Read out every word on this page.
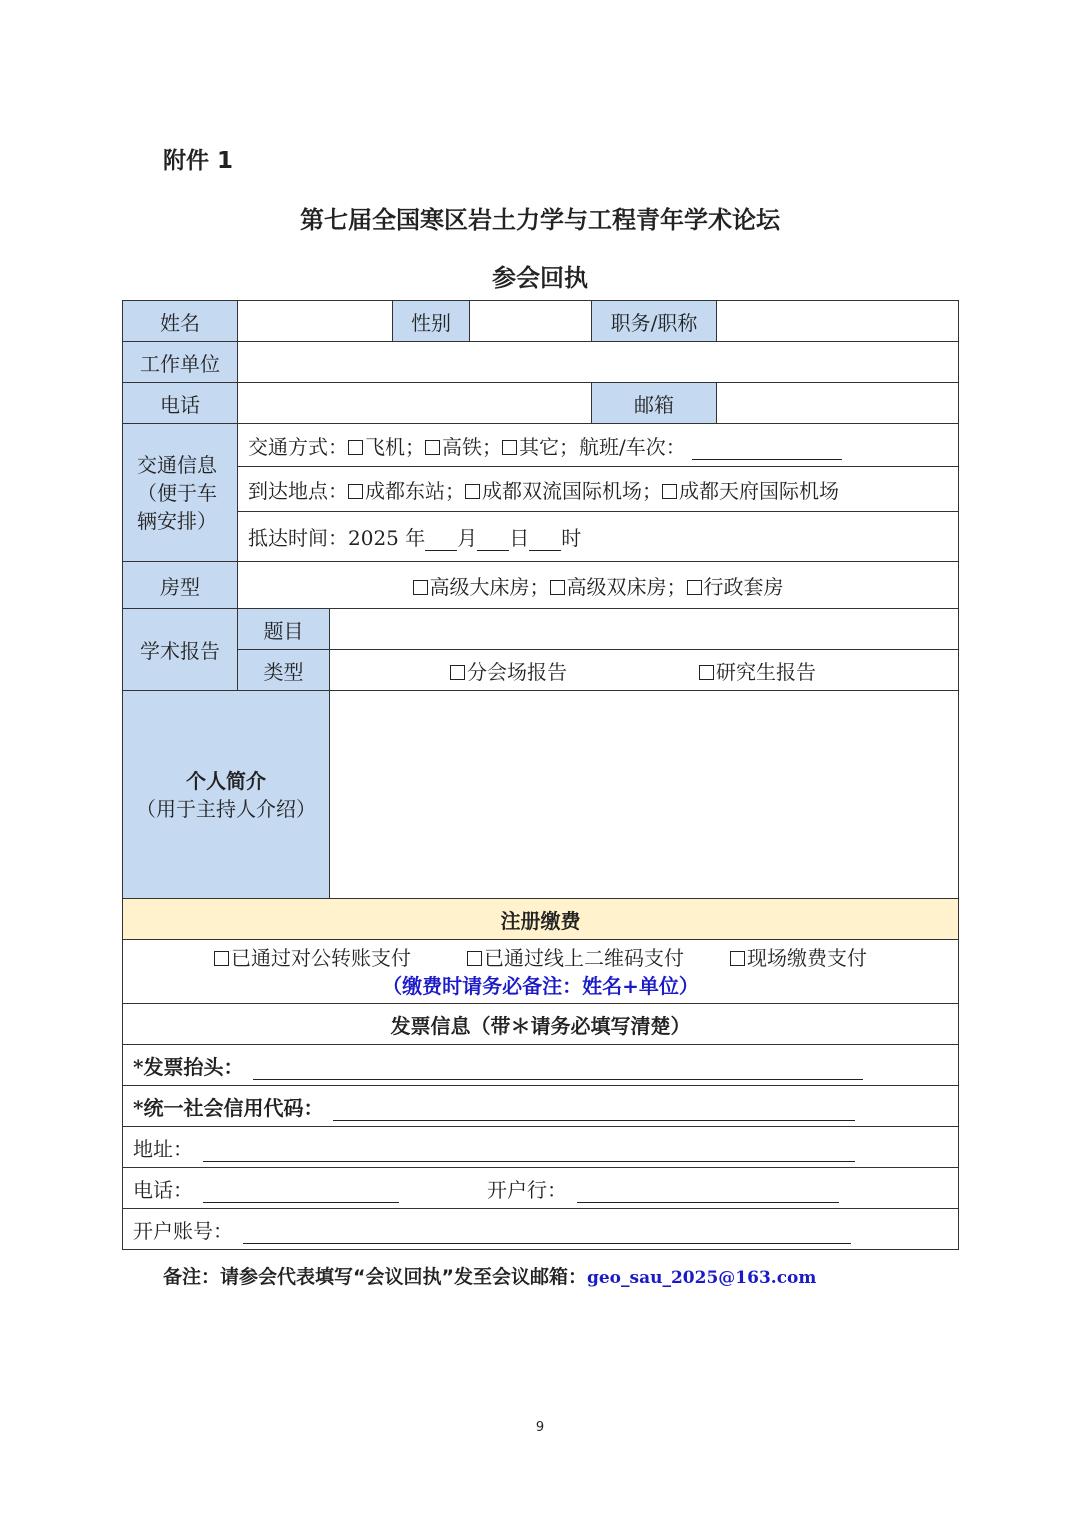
附件 1
第七届全国寒区岩土力学与工程青年学术论坛
参会回执
姓名			性别		职务/职称	
工作单位						
电话					邮箱	
交通信息（便于车辆安排）	交通方式： 飞机； 高铁； 其它；航班/车次：					
	到达地点： 成都东站； 成都双流国际机场； 成都天府国际机场					
	抵达时间：2025 年 月 日 时					
房型	高级大床房； 高级双床房； 行政套房					
学术报告	题目					
	类型	分会场报告 研究生报告				

个人简介
（用于主持人介绍）						

注册缴费						

已通过对公转账支付 已通过线上二维码支付 现场缴费支付
（缴费时请务必备注：姓名+单位）						

发票信息（带＊请务必填写清楚）						
*发票抬头：						
*统一社会信用代码：						
地址：						
电话： 开户行：						
开户账号：						
备注：请参会代表填写“会议回执”发至会议邮箱：geo_sau_2025@163.com
9
